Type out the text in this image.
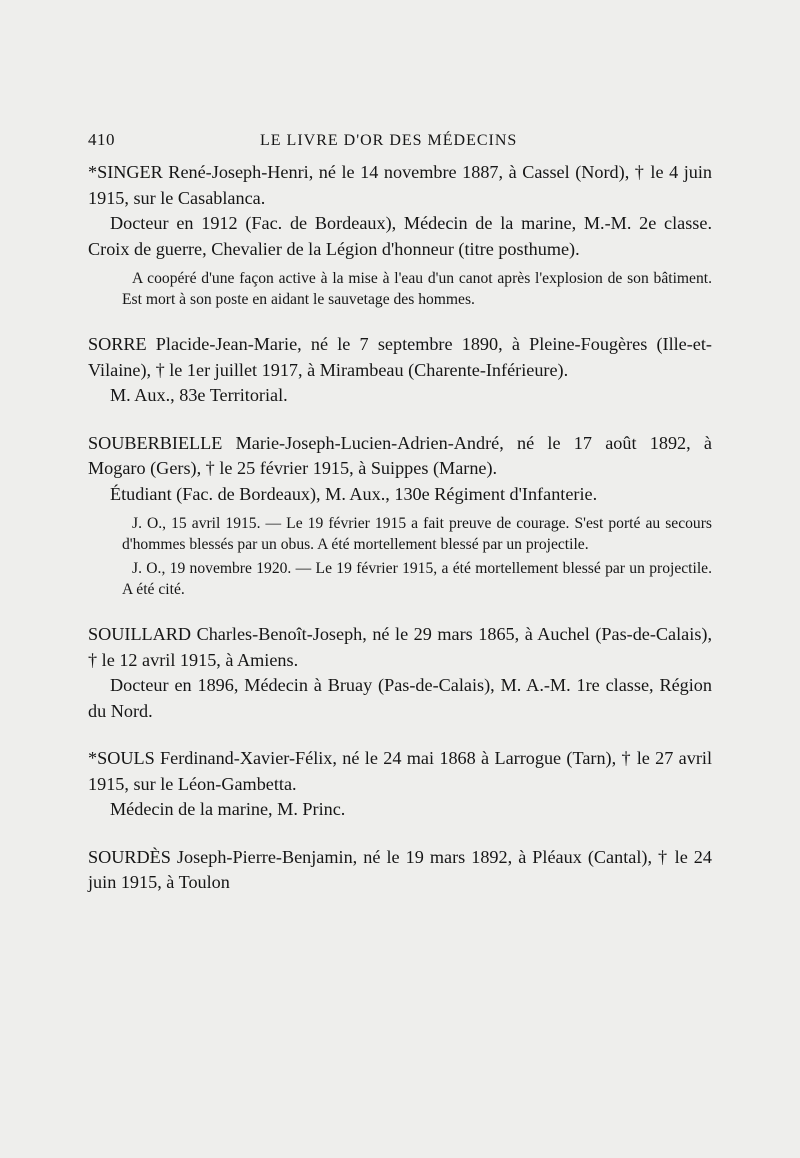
410	LE LIVRE D'OR DES MÉDECINS

*SINGER René-Joseph-Henri, né le 14 novembre 1887, à Cassel (Nord), † le 4 juin 1915, sur le Casablanca.

Docteur en 1912 (Fac. de Bordeaux), Médecin de la marine, M.-M. 2e classe. Croix de guerre, Chevalier de la Légion d'honneur (titre posthume).

A coopéré d'une façon active à la mise à l'eau d'un canot après l'explosion de son bâtiment. Est mort à son poste en aidant le sauvetage des hommes.

SORRE Placide-Jean-Marie, né le 7 septembre 1890, à Pleine-Fougères (Ille-et-Vilaine), † le 1er juillet 1917, à Mirambeau (Charente-Inférieure).

M. Aux., 83e Territorial.

SOUBERBIELLE Marie-Joseph-Lucien-Adrien-André, né le 17 août 1892, à Mogaro (Gers), † le 25 février 1915, à Suippes (Marne).

Étudiant (Fac. de Bordeaux), M. Aux., 130e Régiment d'Infanterie.

J. O., 15 avril 1915. — Le 19 février 1915 a fait preuve de courage. S'est porté au secours d'hommes blessés par un obus. A été mortellement blessé par un projectile.

J. O., 19 novembre 1920. — Le 19 février 1915, a été mortellement blessé par un projectile. A été cité.

SOUILLARD Charles-Benoît-Joseph, né le 29 mars 1865, à Auchel (Pas-de-Calais), † le 12 avril 1915, à Amiens.

Docteur en 1896, Médecin à Bruay (Pas-de-Calais), M. A.-M. 1re classe, Région du Nord.

*SOULS Ferdinand-Xavier-Félix, né le 24 mai 1868 à Larrogue (Tarn), † le 27 avril 1915, sur le Léon-Gambetta.

Médecin de la marine, M. Princ.

SOURDÈS Joseph-Pierre-Benjamin, né le 19 mars 1892, à Pléaux (Cantal), † le 24 juin 1915, à Toulon
